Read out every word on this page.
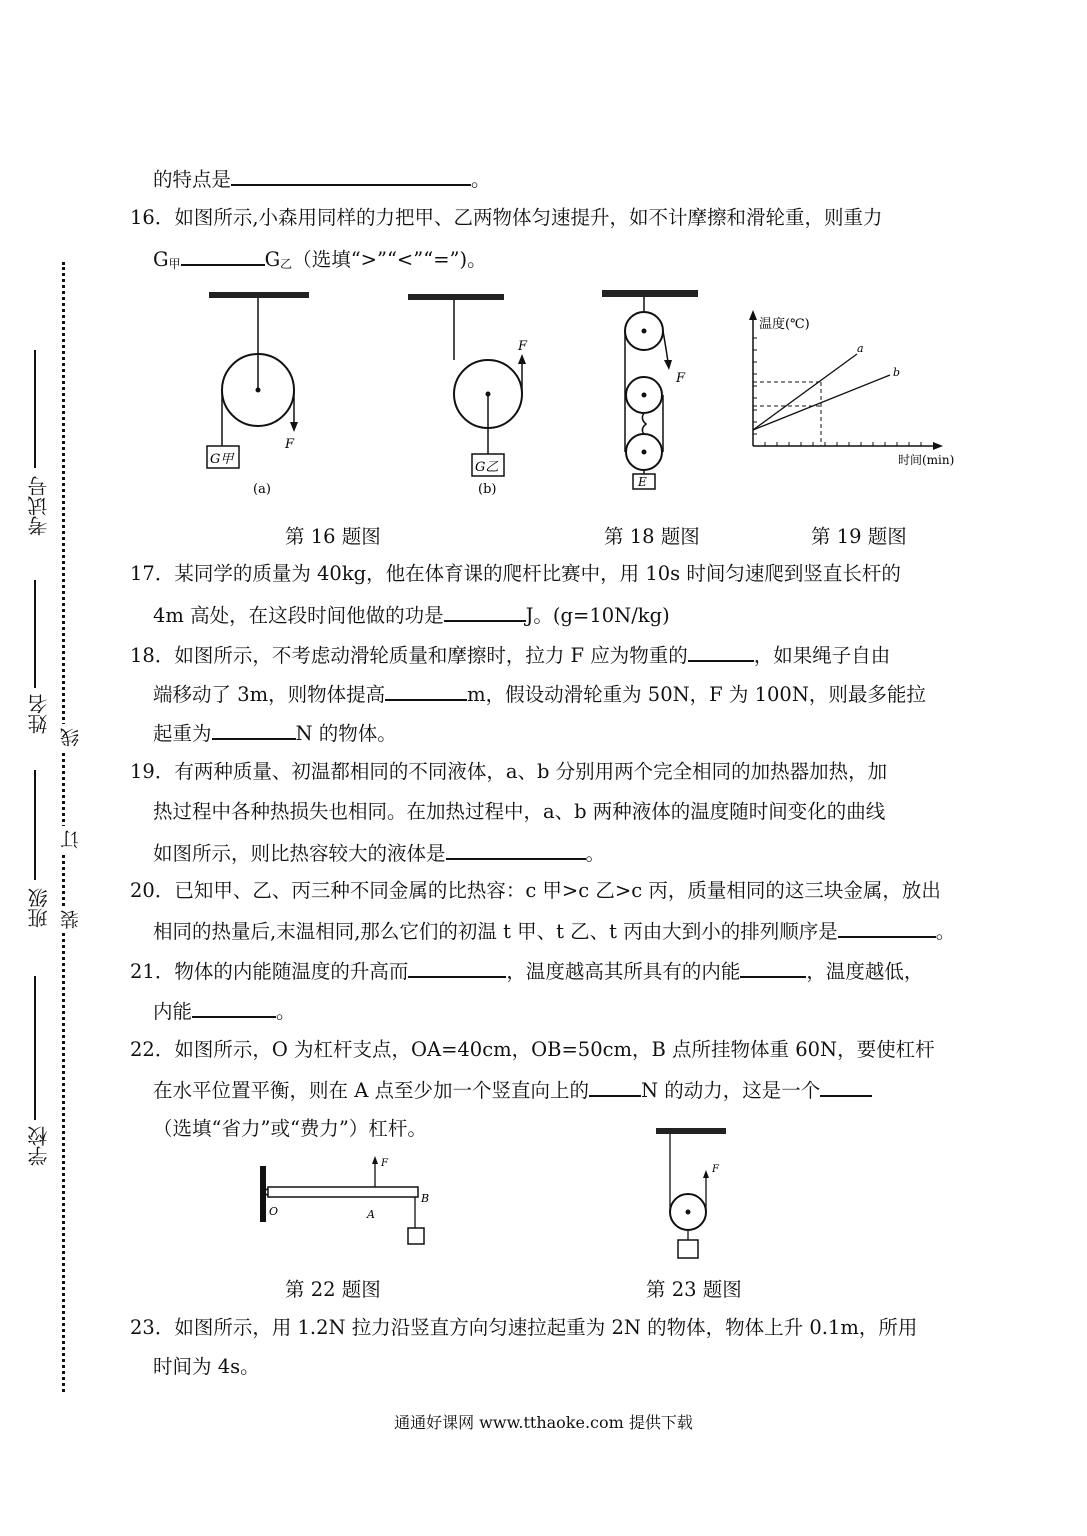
线
订
装
考试号
姓名
班级
学校
的特点是	。
16．如图所示,小森用同样的力把甲、乙两物体匀速提升，如不计摩擦和滑轮重，则重力
G甲	G乙（选填“>”“<”“=”)。
F
G甲
(a)
F
G乙
(b)
F
E
温度(℃)
时间(min)
a
b
第 16 题图	第 18 题图	第 19 题图
17．某同学的质量为 40kg，他在体育课的爬杆比赛中，用 10s 时间匀速爬到竖直长杆的
4m 高处，在这段时间他做的功是	J。(g=10N/kg)
18．如图所示，不考虑动滑轮质量和摩擦时，拉力 F 应为物重的	，如果绳子自由
端移动了 3m，则物体提高	m，假设动滑轮重为 50N，F 为 100N，则最多能拉
起重为	N 的物体。
19．有两种质量、初温都相同的不同液体，a、b 分别用两个完全相同的加热器加热，加
热过程中各种热损失也相同。在加热过程中，a、b 两种液体的温度随时间变化的曲线
如图所示，则比热容较大的液体是	。
20．已知甲、乙、丙三种不同金属的比热容：c 甲>c 乙>c 丙，质量相同的这三块金属，放出
相同的热量后,末温相同,那么它们的初温 t 甲、t 乙、t 丙由大到小的排列顺序是	。
21．物体的内能随温度的升高而	，温度越高其所具有的内能	，温度越低，
内能	。
22．如图所示，O 为杠杆支点，OA=40cm，OB=50cm，B 点所挂物体重 60N，要使杠杆
在水平位置平衡，则在 A 点至少加一个竖直向上的	N 的动力，这是一个
（选填“省力”或“费力”）杠杆。
F
O	A
B
F
第 22 题图	第 23 题图
23．如图所示，用 1.2N 拉力沿竖直方向匀速拉起重为 2N 的物体，物体上升 0.1m，所用
时间为 4s。
通通好课网 www.tthaoke.com 提供下载
